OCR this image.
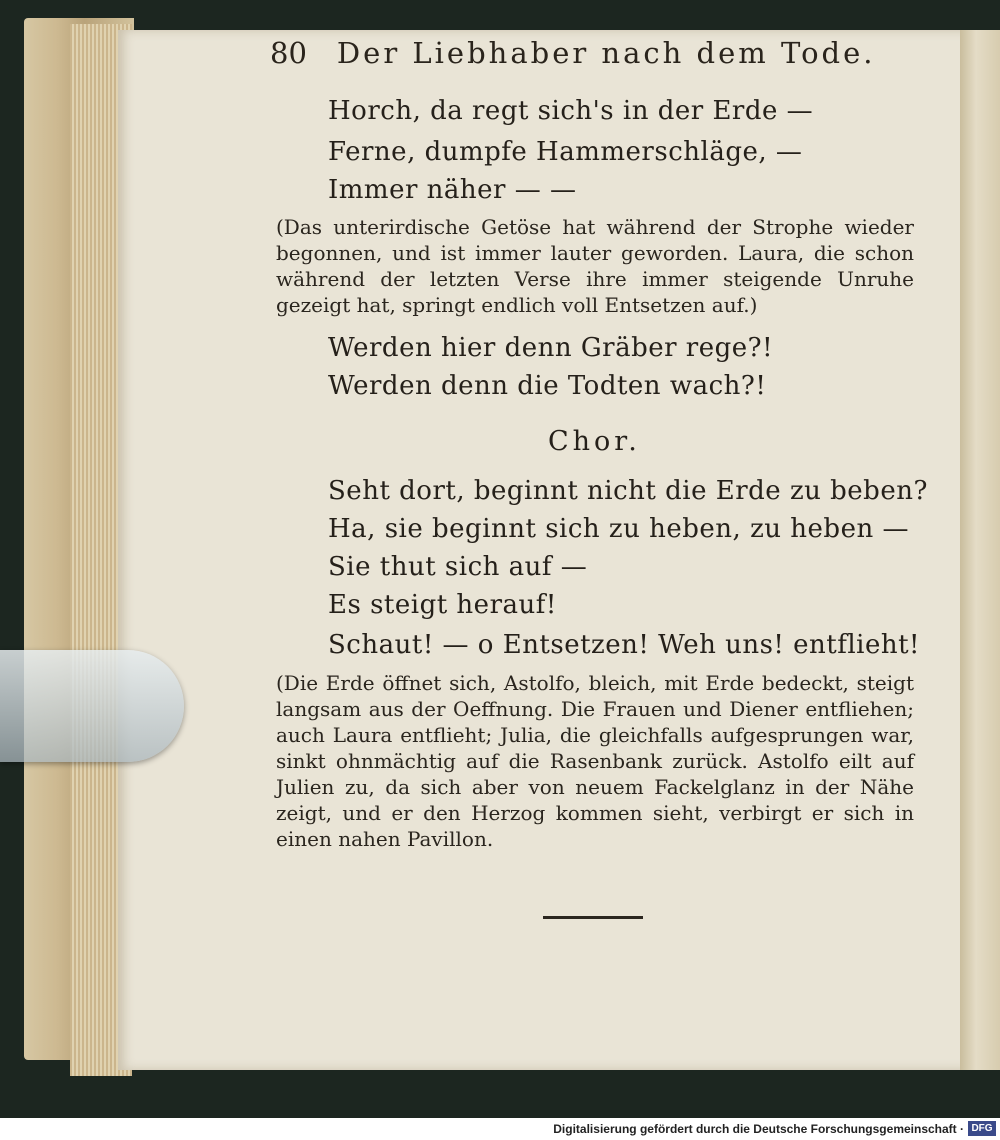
80 Der Liebhaber nach dem Tode.
Horch, da regt sich's in der Erde —
Ferne, dumpfe Hammerschläge, —
Immer näher — —
(Das unterirdische Getöse hat während der Strophe wieder begonnen, und ist immer lauter geworden. Laura, die schon während der letzten Verse ihre immer steigende Unruhe gezeigt hat, springt endlich voll Entsetzen auf.)
Werden hier denn Gräber rege?!
Werden denn die Todten wach?!
Chor.
Seht dort, beginnt nicht die Erde zu beben?
Ha, sie beginnt sich zu heben, zu heben —
Sie thut sich auf —
Es steigt herauf!
Schaut! — o Entsetzen! Weh uns! entflieht!
(Die Erde öffnet sich, Astolfo, bleich, mit Erde bedeckt, steigt langsam aus der Oeffnung. Die Frauen und Diener entfliehen; auch Laura entflieht; Julia, die gleichfalls aufgesprungen war, sinkt ohnmächtig auf die Rasenbank zurück. Astolfo eilt auf Julien zu, da sich aber von neuem Fackelglanz in der Nähe zeigt, und er den Herzog kommen sieht, verbirgt er sich in einen nahen Pavillon.
Digitalisierung gefördert durch die Deutsche Forschungsgemeinschaft · DFG
